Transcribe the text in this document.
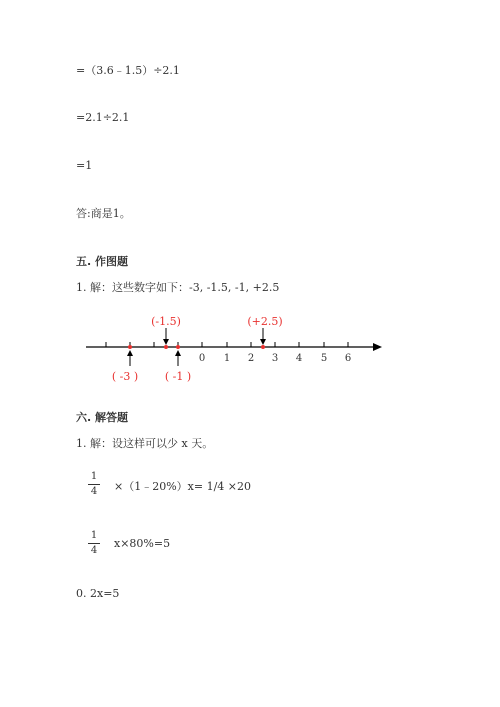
=（3.6﹣1.5）÷2.1
=2.1÷2.1
=1
答:商是1。
五. 作图题
1. 解：这些数字如下：-3, -1.5, -1, +2.5
0 1 2 3 4 5 6
(-1.5)	(+2.5)
( -3 ) ( -1 )
六. 解答题
1. 解：设这样可以少 x 天。
1
4 ×（1﹣20%）x= 1/4 ×20
1
4
x×80%=5
0. 2x=5
